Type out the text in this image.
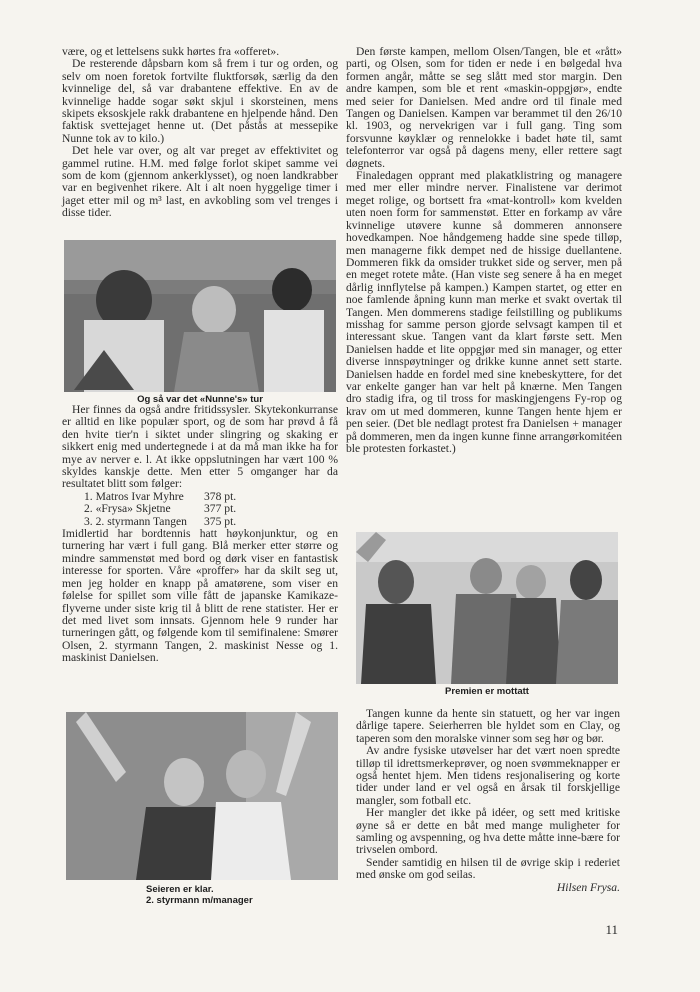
være, og et lettelsens sukk hørtes fra «offeret».

De resterende dåpsbarn kom så frem i tur og orden, og selv om noen foretok fortvilte fluktforsøk, særlig da den kvinnelige del, så var drabantene effektive. En av de kvinnelige hadde sogar søkt skjul i skorsteinen, mens skipets eksoskjele rakk drabantene en hjelpende hånd. Den faktisk svettejaget henne ut. (Det påstås at messepike Nunne tok av to kilo.)

Det hele var over, og alt var preget av effektivitet og gammel rutine. H.M. med følge forlot skipet samme vei som de kom (gjennom ankerklysset), og noen landkrabber var en begivenhet rikere. Alt i alt noen hyggelige timer i jaget etter mil og m³ last, en avkobling som vel trenges i disse tider.

Og så var det «Nunne's» tur

Her finnes da også andre fritidssysler. Skytekonkurranse er alltid en like populær sport, og de som har prøvd å få den hvite tier'n i siktet under slingring og skaking er sikkert enig med undertegnede i at da må man ikke ha for mye av nerver e. l. At ikke oppslutningen har vært 100 % skyldes kanskje dette. Men etter 5 omganger har da resultatet blitt som følger:

1. Matros Ivar Myhre	378 pt.
2. «Frysa» Skjetne	377 pt.
3. 2. styrmann Tangen	375 pt.

Imidlertid har bordtennis hatt høykonjunktur, og en turnering har vært i full gang. Blå merker etter større og mindre sammenstøt med bord og dørk viser en fantastisk interesse for sporten. Våre «proffer» har da skilt seg ut, men jeg holder en knapp på amatørene, som viser en følelse for spillet som ville fått de japanske Kamikaze-flyverne under siste krig til å blitt de rene statister. Her er det med livet som innsats. Gjennom hele 9 runder har turneringen gått, og følgende kom til semifinalene: Smører Olsen, 2. styrmann Tangen, 2. maskinist Nesse og 1. maskinist Danielsen.

Seieren er klar.
2. styrmann m/manager

Den første kampen, mellom Olsen/Tangen, ble et «rått» parti, og Olsen, som for tiden er nede i en bølgedal hva formen angår, måtte se seg slått med stor margin. Den andre kampen, som ble et rent «maskin-oppgjør», endte med seier for Danielsen. Med andre ord til finale med Tangen og Danielsen. Kampen var berammet til den 26/10 kl. 1903, og nervekrigen var i full gang. Ting som forsvunne køyklær og rennelokke i badet høte til, samt telefonterror var også på dagens meny, eller rettere sagt døgnets.

Finaledagen opprant med plakatklistring og managere med mer eller mindre nerver. Finalistene var derimot meget rolige, og bortsett fra «mat-kontroll» kom kvelden uten noen form for sammenstøt. Etter en forkamp av våre kvinnelige utøvere kunne så dommeren annonsere hovedkampen. Noe håndgemeng hadde sine spede tilløp, men managerne fikk dempet ned de hissige duellantene. Dommeren fikk da omsider trukket side og server, men på en meget rotete måte. (Han viste seg senere å ha en meget dårlig innflytelse på kampen.) Kampen startet, og etter en noe famlende åpning kunn man merke et svakt overtak til Tangen. Men dommerens stadige feilstilling og publikums misshag for samme person gjorde selvsagt kampen til et interessant skue. Tangen vant da klart første sett. Men Danielsen hadde et lite oppgjør med sin manager, og etter diverse innspøytninger og drikke kunne annet sett starte. Danielsen hadde en fordel med sine knebeskyttere, for det var enkelte ganger han var helt på knærne. Men Tangen dro stadig ifra, og til tross for maskingjengens Fy-rop og krav om ut med dommeren, kunne Tangen hente hjem er pen seier. (Det ble nedlagt protest fra Danielsen + manager på dommeren, men da ingen kunne finne arrangørkomitéen ble protesten forkastet.)

Premien er mottatt

Tangen kunne da hente sin statuett, og her var ingen dårlige tapere. Seierherren ble hyldet som en Clay, og taperen som den moralske vinner som seg hør og bør.

Av andre fysiske utøvelser har det vært noen spredte tilløp til idrettsmerkeprøver, og noen svømmeknapper er også hentet hjem. Men tidens resjonalisering og korte tider under land er vel også en årsak til forskjellige mangler, som fotball etc.

Her mangler det ikke på idéer, og sett med kritiske øyne så er dette en båt med mange muligheter for samling og avspenning, og hva dette måtte inne-bære for trivselen ombord.

Sender samtidig en hilsen til de øvrige skip i rederiet med ønske om god seilas.

Hilsen Frysa.

11
